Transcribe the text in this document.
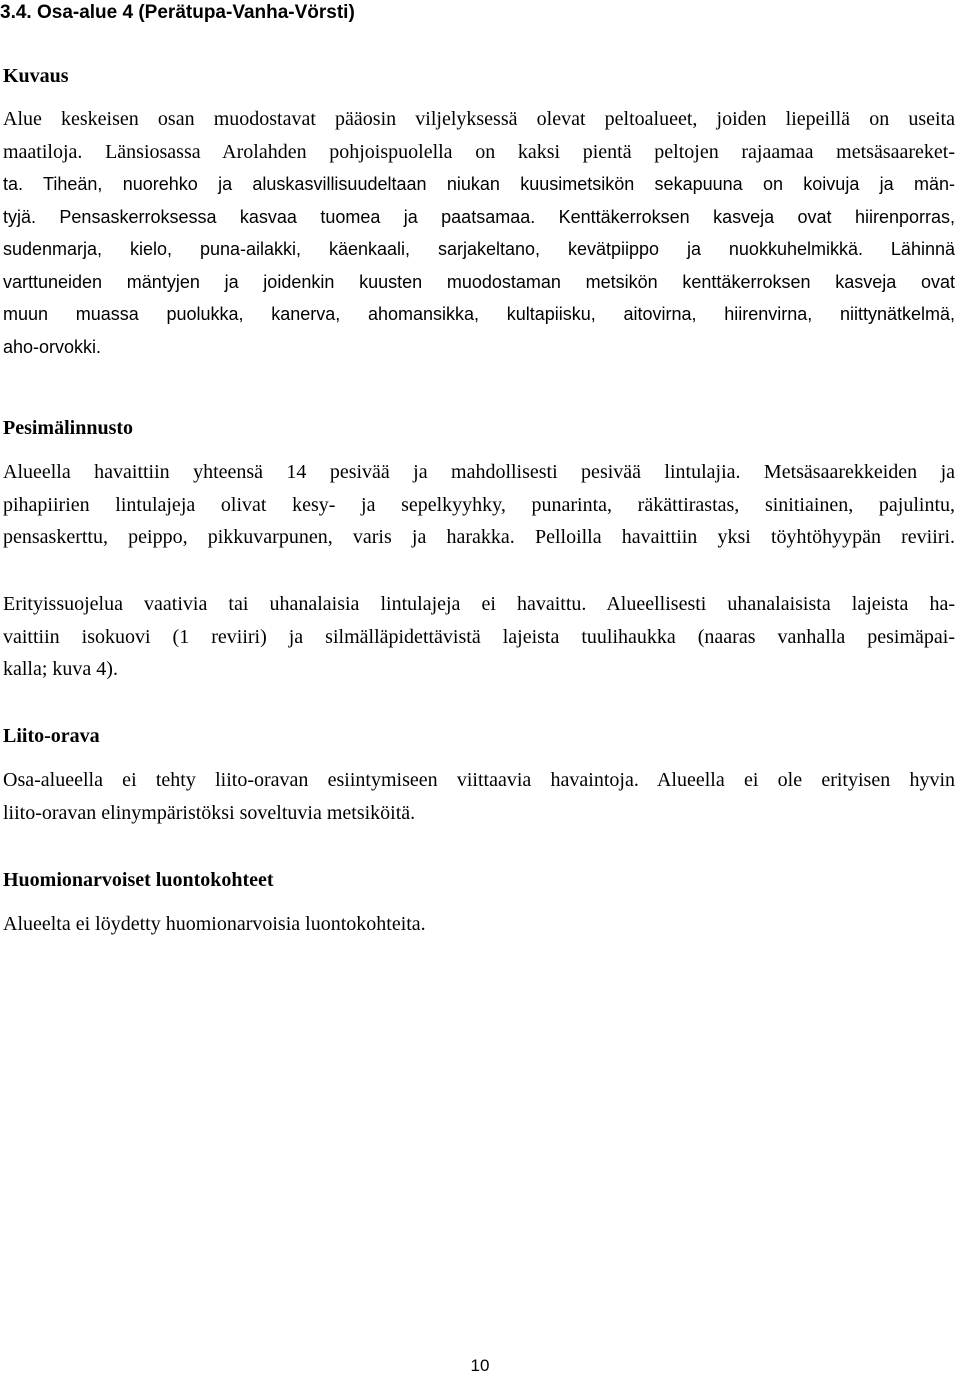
3.4. Osa-alue 4 (Perätupa-Vanha-Vörsti)
Kuvaus
Alue keskeisen osan muodostavat pääosin viljelyksessä olevat peltoalueet, joiden liepeillä on useita
maatiloja. Länsiosassa Arolahden pohjoispuolella on kaksi pientä peltojen rajaamaa metsäsaareket-
ta. Tiheän, nuorehko ja aluskasvillisuudeltaan niukan kuusimetsikön sekapuuna on koivuja ja män-
tyjä. Pensaskerroksessa kasvaa tuomea ja paatsamaa. Kenttäkerroksen kasveja ovat hiirenporras,
sudenmarja, kielo, puna-ailakki, käenkaali, sarjakeltano, kevätpiippo ja nuokkuhelmikkä. Lähinnä
varttuneiden mäntyjen ja joidenkin kuusten muodostaman metsikön kenttäkerroksen kasveja ovat
muun muassa puolukka, kanerva, ahomansikka, kultapiisku, aitovirna, hiirenvirna, niittynätkelmä,
aho-orvokki.
Pesimälinnusto
Alueella havaittiin yhteensä 14 pesivää ja mahdollisesti pesivää lintulajia. Metsäsaarekkeiden ja
pihapiirien lintulajeja olivat kesy- ja sepelkyyhky, punarinta, räkättirastas, sinitiainen, pajulintu,
pensaskerttu, peippo, pikkuvarpunen, varis ja harakka. Pelloilla havaittiin yksi töyhtöhyypän reviiri.
Erityissuojelua vaativia tai uhanalaisia lintulajeja ei havaittu. Alueellisesti uhanalaisista lajeista ha-
vaittiin isokuovi (1 reviiri) ja silmälläpidettävistä lajeista tuulihaukka (naaras vanhalla pesimäpai-
kalla; kuva 4).
Liito-orava
Osa-alueella ei tehty liito-oravan esiintymiseen viittaavia havaintoja. Alueella ei ole erityisen hyvin
liito-oravan elinympäristöksi soveltuvia metsiköitä.
Huomionarvoiset luontokohteet
Alueelta ei löydetty huomionarvoisia luontokohteita.

10
